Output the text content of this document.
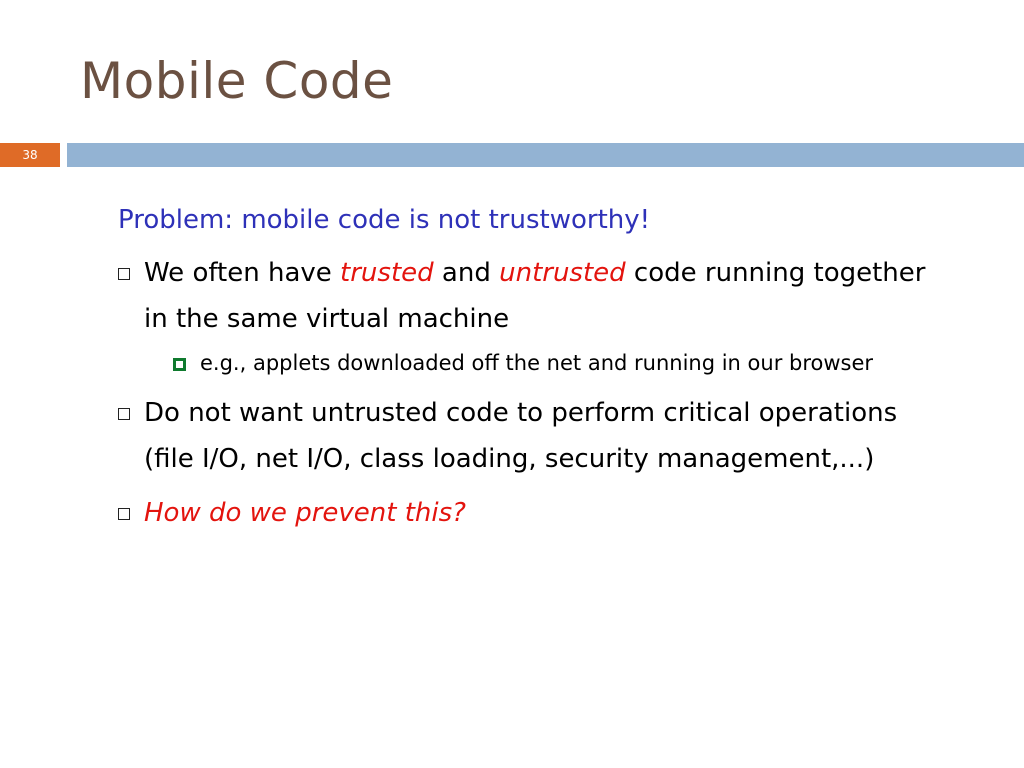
Mobile Code
38
Problem: mobile code is not trustworthy!
We often have trusted and untrusted code running together in the same virtual machine
e.g., applets downloaded off the net and running in our browser
Do not want untrusted code to perform critical operations (file I/O, net I/O, class loading, security management,...)
How do we prevent this?
